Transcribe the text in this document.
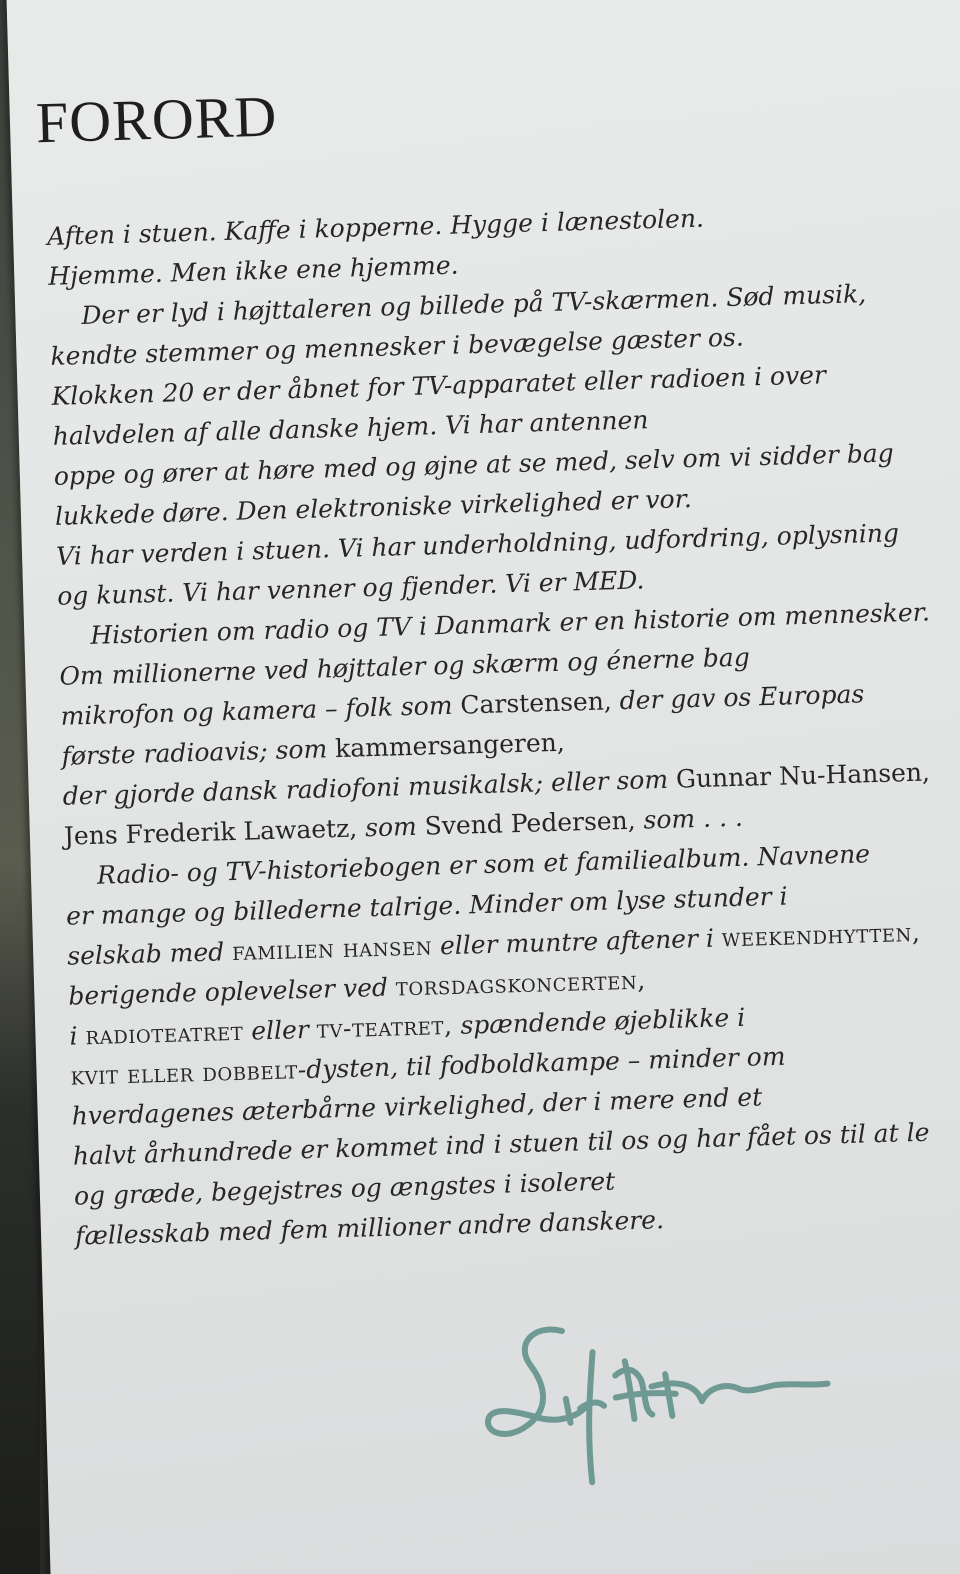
FORORD
Aften i stuen. Kaffe i kopperne. Hygge i lænestolen.
Hjemme. Men ikke ene hjemme.
Der er lyd i højttaleren og billede på TV-skærmen. Sød musik,
kendte stemmer og mennesker i bevægelse gæster os.
Klokken 20 er der åbnet for TV-apparatet eller radioen i over
halvdelen af alle danske hjem. Vi har antennen
oppe og ører at høre med og øjne at se med, selv om vi sidder bag
lukkede døre. Den elektroniske virkelighed er vor.
Vi har verden i stuen. Vi har underholdning, udfordring, oplysning
og kunst. Vi har venner og fjender. Vi er MED.
Historien om radio og TV i Danmark er en historie om mennesker.
Om millionerne ved højttaler og skærm og énerne bag
mikrofon og kamera – folk som Carstensen, der gav os Europas
første radioavis; som kammersangeren,
der gjorde dansk radiofoni musikalsk; eller som Gunnar Nu-Hansen,
Jens Frederik Lawaetz, som Svend Pedersen, som . . .
Radio- og TV-historiebogen er som et familiealbum. Navnene
er mange og billederne talrige. Minder om lyse stunder i
selskab med familien hansen eller muntre aftener i weekendhytten,
berigende oplevelser ved torsdagskoncerten,
i radioteatret eller tv-teatret, spændende øjeblikke i
kvit eller dobbelt-dysten, til fodboldkampe – minder om
hverdagenes æterbårne virkelighed, der i mere end et
halvt århundrede er kommet ind i stuen til os og har fået os til at le
og græde, begejstres og ængstes i isoleret
fællesskab med fem millioner andre danskere.
